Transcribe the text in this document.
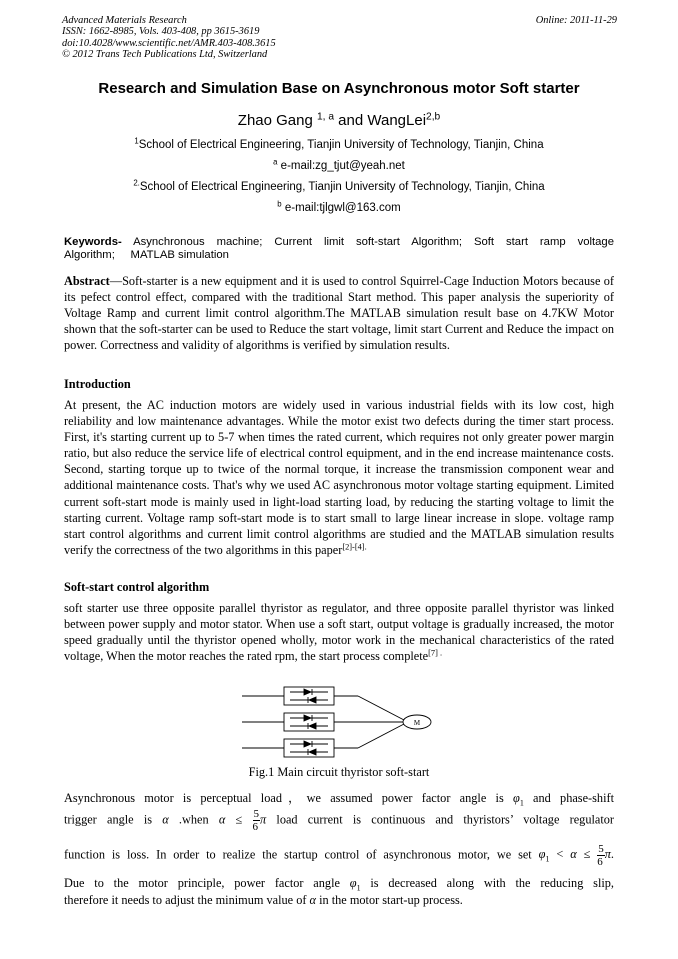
Advanced Materials Research
ISSN: 1662-8985, Vols. 403-408, pp 3615-3619
doi:10.4028/www.scientific.net/AMR.403-408.3615
© 2012 Trans Tech Publications Ltd, Switzerland
Online: 2011-11-29
Research and Simulation Base on Asynchronous motor Soft starter
Zhao Gang $^{1, a}$ and WangLei$^{2,b}$
$^1$School of Electrical Engineering, Tianjin University of Technology, Tianjin, China
$^a$ e-mail:zg_tjut@yeah.net
$^{2.}$School of Electrical Engineering, Tianjin University of Technology, Tianjin, China
$^b$ e-mail:tjlgwl@163.com
Keywords- Asynchronous machine; Current limit soft-start Algorithm; Soft start ramp voltage Algorithm;     MATLAB simulation
Abstract—Soft-starter is a new equipment and it is used to control Squirrel-Cage Induction Motors because of its pefect control effect, compared with the traditional Start method. This paper analysis the superiority of Voltage Ramp and current limit control algorithm.The MATLAB simulation result base on 4.7KW Motor shown that the soft-starter can be used to Reduce the start voltage, limit start Current and Reduce the impact on power. Correctness and validity of algorithms is verified by simulation results.
Introduction
At present, the AC induction motors are widely used in various industrial fields with its low cost, high reliability and low maintenance advantages. While the motor exist two defects during the timer start process. First, it's starting current up to 5-7 when times the rated current, which requires not only greater power margin ratio, but also reduce the service life of electrical control equipment, and in the end increase maintenance costs. Second, starting torque up to twice of the normal torque, it increase the transmission component wear and additional maintenance costs. That's why we used AC asynchronous motor voltage starting equipment. Limited current soft-start mode is mainly used in light-load starting load, by reducing the starting voltage to limit the starting current. Voltage ramp soft-start mode is to start small to large linear increase in slope. voltage ramp start control algorithms and current limit control algorithms are studied and the MATLAB simulation results verify the correctness of the two algorithms in this paper$^{[2]-[4].}$
Soft-start control algorithm
soft starter use three opposite parallel thyristor as regulator, and three opposite parallel thyristor was linked between power supply and motor stator. When use a soft start, output voltage is gradually increased, the motor speed gradually until the thyristor opened wholly, motor work in the mechanical characteristics of the rated voltage, When the motor reaches the rated rpm, the start process complete$^{[7] .}$
M
Fig.1 Main circuit thyristor soft-start
Asynchronous motor is perceptual load，we assumed power factor angle is $\varphi_1$ and phase-shift
trigger angle is α .when $\alpha \le \frac{5}{6}$ π load current is continuous and thyristors’ voltage regulator
function is loss. In order to realize the startup control of asynchronous motor, we set $\varphi_1 < \alpha \le \frac{5}{6} \pi$.
Due to the motor principle, power factor angle $\varphi_1$ is decreased along with the reducing slip,
therefore it needs to adjust the minimum value of α in the motor start-up process.
